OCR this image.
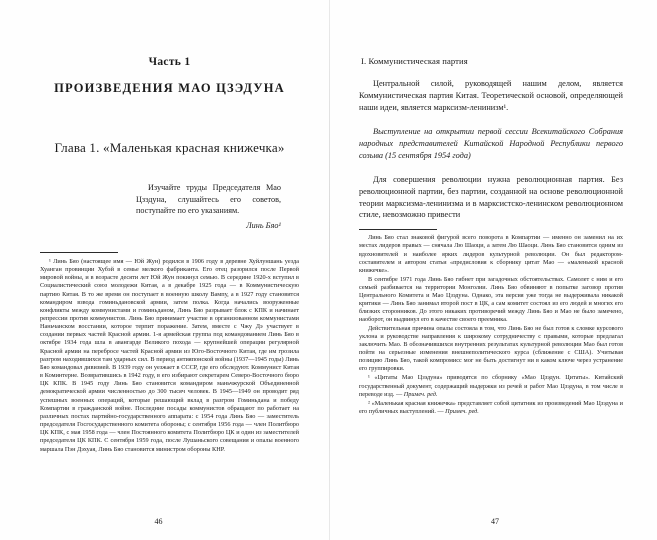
Часть 1
ПРОИЗВЕДЕНИЯ МАО ЦЗЭДУНА
Глава 1. «Маленькая красная книжечка»
Изучайте труды Председателя Мао Цзэдуна, слушайтесь его советов, поступайте по его указаниям.
Линь Бяо¹
¹ Линь Бяо (настоящее имя — Юй Жун) родился в 1906 году в деревне Хуйлуншань уезда Хуанган провинции Хубэй в семье мелкого фабриканта. Его отец разорился после Первой мировой войны, и в возрасте десяти лет Юй Жун покинул семью. В середине 1920-х вступил в Социалистический союз молодежи Китая, а в декабре 1925 года — в Коммунистическую партию Китая. В то же время он поступает в военную школу Вампу, а в 1927 году становится командиром взвода гоминьдановской армии, затем полка. Когда начались вооруженные конфликты между коммунистами и гоминьданом, Линь Бяо разрывает блок с КПК и начинает репрессии против коммунистов. Линь Бяо принимает участие в организованном коммунистами Наньчанском восстании, которое терпит поражение. Затем, вместе с Чжу Дэ участвует в создании первых частей Красной армии. 1-я армейская группа под командованием Линь Бяо в октябре 1934 года шла в авангарде Великого похода — крупнейшей операции регулярной Красной армии на перебросе частей Красной армии из Юго-Восточного Китая, где им грозила разгром находившихся там ударных сил. В период антияпонской войны (1937—1945 годы) Линь Бяо командовал дивизией. В 1939 году он уезжает в СССР, где его обследуют. Коммунист Китая в Коминтерне. Возвратившись в 1942 году, в его избирают секретарем Северо-Восточного бюро ЦК КПК. В 1945 году Линь Бяо становится командиром маньчжурской Объединенной демократической армии численностью до 300 тысяч человек. В 1945—1949 он проводит ряд успешных военных операций, которые решающий вклад в разгром Гоминьдана и победу Компартии в гражданской войне. Последние посады коммунистов обращают по работает на различных постах партийно-государственного аппарата: с 1954 года Линь Бяо — заместитель председателя Госгосударственного комитета обороны; с сентября 1956 года — член Политбюро ЦК КПК, с мая 1958 года — член Постоянного комитета Политбюро ЦК и один из заместителей председателя ЦК КПК. С сентября 1959 года, после Лушаньского совещания и опалы военного маршала Пэн Дэхуая, Линь Бяо становится министром обороны КНР.
46
I. Коммунистическая партия
Центральной силой, руководящей нашим делом, является Коммунистическая партия Китая. Теоретической основой, определяющей наши идеи, является марксизм-ленинизм¹.
Выступление на открытии первой сессии Всекитайского Собрания народных представителей Китайской Народной Республики первого созыва (15 сентября 1954 года)
Для совершения революции нужна революционная партия. Без революционной партии, без партии, созданной на основе революционной теории марксизма-ленинизма и в марксистско-ленинском революционном стиле, невозможно привести
Линь Бяо стал знаковой фигурой всего поворота в Компартии — именно он заменил на их местах лидеров правых — снячала Лю Шаоци, а затем Лю Шаоци. Линь Бяо становится одним из вдохновителей и наиболее ярких лидеров культурной революции. Он был редактором-составителем и автором статьи «предисловия к сборнику цитат Мао — «маленькой красной книжечке».
В сентябре 1971 года Линь Бяо гибнет при загадочных обстоятельствах. Самолет с ним и его семьей разбивается на территории Монголии. Линь Бяо обвиняют в попытке заговор против Центрального Комитета и Мао Цзэдуна. Однако, эта версия уже тогда не выдерживала никакой критики — Линь Бяо занимал второй пост в ЦК, а сам комитет состоял из его людей и многих его близких сторонников. До этого никаких противоречий между Линь Бяо и Мао не было замечено, наоборот, он выдвинул его в качестве своего преемника.
Действительная причина опалы состояла в том, что Линь Бяо не был готов к сломке курсового уклона и руководстве направления к широкому сотрудничеству с правыми, которые предлагал заключить Мао. В обозначившихся внутренних результатах культурной революции Мао был готов пойти на серьезные изменения внешнеполитического курса (сближение с США). Учитывая позицию Линь Бяо, такой компромисс мог не быть достигнут ни в каком ключе через устранение его группировки.
¹ «Цитаты Мао Цзэдуна» приводятся по сборнику «Мао Цзэдун. Цитаты». Китайский государственный документ, содержащий выдержки из речей и работ Мао Цзэдуна, в том числе в переводе изд. — Примеч. ред.
² «Маленькая красная книжечка» представляет собой цитатник из произведений Мао Цзэдуна и его публичных выступлений. — Примеч. ред.
47
